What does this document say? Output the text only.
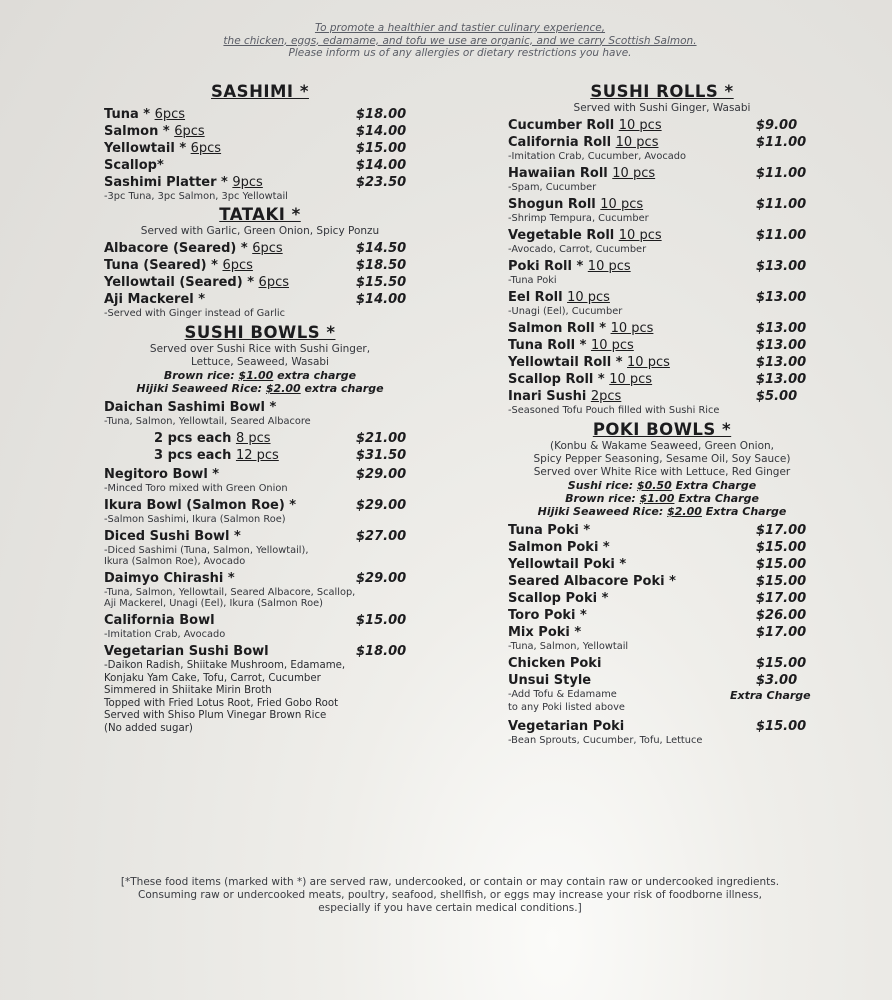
To promote a healthier and tastier culinary experience,
the chicken, eggs, edamame, and tofu we use are organic, and we carry Scottish Salmon.
Please inform us of any allergies or dietary restrictions you have.
SASHIMI *
Tuna * 6pcs	$18.00
Salmon * 6pcs	$14.00
Yellowtail * 6pcs	$15.00
Scallop*	$14.00
Sashimi Platter * 9pcs	$23.50
-3pc Tuna, 3pc Salmon, 3pc Yellowtail
TATAKI *
Served with Garlic, Green Onion, Spicy Ponzu
Albacore (Seared) * 6pcs	$14.50
Tuna (Seared) * 6pcs	$18.50
Yellowtail (Seared) * 6pcs	$15.50
Aji Mackerel *	$14.00
-Served with Ginger instead of Garlic
SUSHI BOWLS *
Served over Sushi Rice with Sushi Ginger,
Lettuce, Seaweed, Wasabi
Brown rice: $1.00 extra charge
Hijiki Seaweed Rice: $2.00 extra charge
Daichan Sashimi Bowl *
-Tuna, Salmon, Yellowtail, Seared Albacore
2 pcs each 8 pcs	$21.00
3 pcs each 12 pcs	$31.50
Negitoro Bowl *	$29.00
-Minced Toro mixed with Green Onion
Ikura Bowl (Salmon Roe) *	$29.00
-Salmon Sashimi, Ikura (Salmon Roe)
Diced Sushi Bowl *	$27.00
-Diced Sashimi (Tuna, Salmon, Yellowtail),
Ikura (Salmon Roe), Avocado
Daimyo Chirashi *	$29.00
-Tuna, Salmon, Yellowtail, Seared Albacore, Scallop,
Aji Mackerel, Unagi (Eel), Ikura (Salmon Roe)
California Bowl	$15.00
-Imitation Crab, Avocado
Vegetarian Sushi Bowl	$18.00
-Daikon Radish, Shiitake Mushroom, Edamame,
Konjaku Yam Cake, Tofu, Carrot, Cucumber
Simmered in Shiitake Mirin Broth
Topped with Fried Lotus Root, Fried Gobo Root
Served with Shiso Plum Vinegar Brown Rice
(No added sugar)
SUSHI ROLLS *
Served with Sushi Ginger, Wasabi
Cucumber Roll 10 pcs	$9.00
California Roll 10 pcs	$11.00
-Imitation Crab, Cucumber, Avocado
Hawaiian Roll 10 pcs	$11.00
-Spam, Cucumber
Shogun Roll 10 pcs	$11.00
-Shrimp Tempura, Cucumber
Vegetable Roll 10 pcs	$11.00
-Avocado, Carrot, Cucumber
Poki Roll * 10 pcs	$13.00
-Tuna Poki
Eel Roll 10 pcs	$13.00
-Unagi (Eel), Cucumber
Salmon Roll * 10 pcs	$13.00
Tuna Roll * 10 pcs	$13.00
Yellowtail Roll * 10 pcs	$13.00
Scallop Roll * 10 pcs	$13.00
Inari Sushi 2pcs	$5.00
-Seasoned Tofu Pouch filled with Sushi Rice
POKI BOWLS *
(Konbu & Wakame Seaweed, Green Onion,
Spicy Pepper Seasoning, Sesame Oil, Soy Sauce)
Served over White Rice with Lettuce, Red Ginger
Sushi rice: $0.50 Extra Charge
Brown rice: $1.00 Extra Charge
Hijiki Seaweed Rice: $2.00 Extra Charge
Tuna Poki *	$17.00
Salmon Poki *	$15.00
Yellowtail Poki *	$15.00
Seared Albacore Poki *	$15.00
Scallop Poki *	$17.00
Toro Poki *	$26.00
Mix Poki *	$17.00
-Tuna, Salmon, Yellowtail
Chicken Poki	$15.00
Unsui Style	$3.00
-Add Tofu & Edamame	Extra Charge
to any Poki listed above
Vegetarian Poki	$15.00
-Bean Sprouts, Cucumber, Tofu, Lettuce
[*These food items (marked with *) are served raw, undercooked, or contain or may contain raw or undercooked ingredients.
Consuming raw or undercooked meats, poultry, seafood, shellfish, or eggs may increase your risk of foodborne illness,
especially if you have certain medical conditions.]
